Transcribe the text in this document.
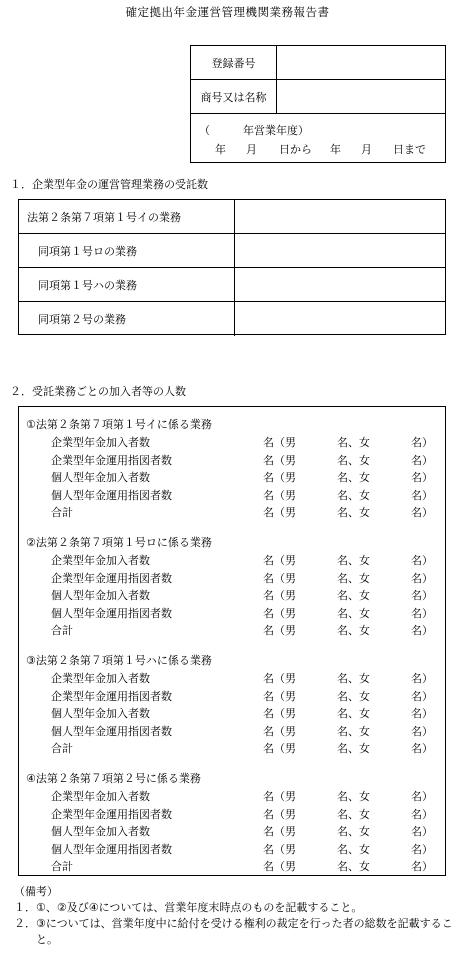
確定拠出年金運営管理機関業務報告書
登録番号
商号又は名称
（	年営業年度）
年 月 日から 年 月 日まで
１．企業型年金の運営管理業務の受託数
法第２条第７項第１号イの業務
　同項第１号ロの業務
　同項第１号ハの業務
　同項第２号の業務
２．受託業務ごとの加入者等の人数
①法第２条第７項第１号イに係る業務
企業型年金加入者数	名（男	名、女	名）
企業型年金運用指図者数	名（男	名、女	名）
個人型年金加入者数	名（男	名、女	名）
個人型年金運用指図者数	名（男	名、女	名）
合計	名（男	名、女	名）
②法第２条第７項第１号ロに係る業務
企業型年金加入者数	名（男	名、女	名）
企業型年金運用指図者数	名（男	名、女	名）
個人型年金加入者数	名（男	名、女	名）
個人型年金運用指図者数	名（男	名、女	名）
合計	名（男	名、女	名）
③法第２条第７項第１号ハに係る業務
企業型年金加入者数	名（男	名、女	名）
企業型年金運用指図者数	名（男	名、女	名）
個人型年金加入者数	名（男	名、女	名）
個人型年金運用指図者数	名（男	名、女	名）
合計	名（男	名、女	名）
④法第２条第７項第２号に係る業務
企業型年金加入者数	名（男	名、女	名）
企業型年金運用指図者数	名（男	名、女	名）
個人型年金加入者数	名（男	名、女	名）
個人型年金運用指図者数	名（男	名、女	名）
合計	名（男	名、女	名）
（備考）
１．①、②及び④については、営業年度末時点のものを記載すること。
２．③については、営業年度中に給付を受ける権利の裁定を行った者の総数を記載すること。
